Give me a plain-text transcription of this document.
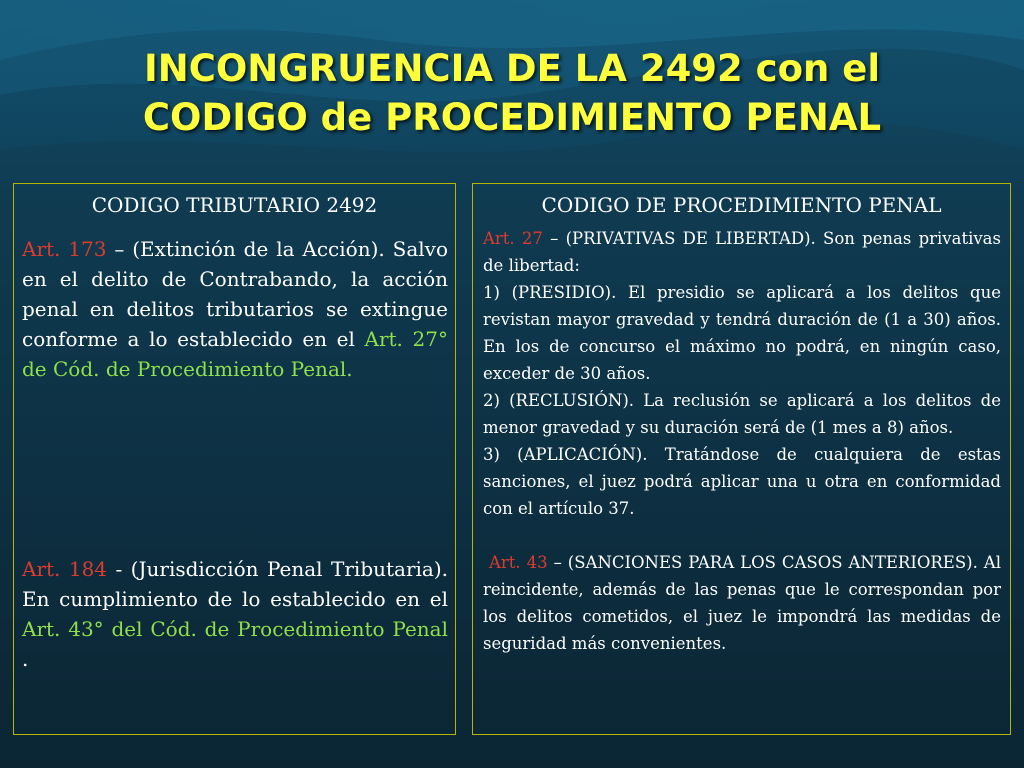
INCONGRUENCIA DE LA 2492 con el
CODIGO de PROCEDIMIENTO PENAL
CODIGO TRIBUTARIO 2492

Art. 173 – (Extinción de la Acción). Salvo en el delito de Contrabando, la acción penal en delitos tributarios se extingue conforme a lo establecido en el Art. 27° de Cód. de Procedimiento Penal.

Art. 184 - (Jurisdicción Penal Tributaria). En cumplimiento de lo establecido en el Art. 43° del Cód. de Procedimiento Penal .

CODIGO DE PROCEDIMIENTO PENAL

Art. 27 – (PRIVATIVAS DE LIBERTAD). Son penas privativas de libertad:

1) (PRESIDIO). El presidio se aplicará a los delitos que revistan mayor gravedad y tendrá duración de (1 a 30) años. En los de concurso el máximo no podrá, en ningún caso, exceder de 30 años.

2) (RECLUSIÓN). La reclusión se aplicará a los delitos de menor gravedad y su duración será de (1 mes a 8) años.

3) (APLICACIÓN). Tratándose de cualquiera de estas sanciones, el juez podrá aplicar una u otra en conformidad con el artículo 37.

Art. 43 – (SANCIONES PARA LOS CASOS ANTERIORES). Al reincidente, además de las penas que le correspondan por los delitos cometidos, el juez le impondrá las medidas de seguridad más convenientes.
